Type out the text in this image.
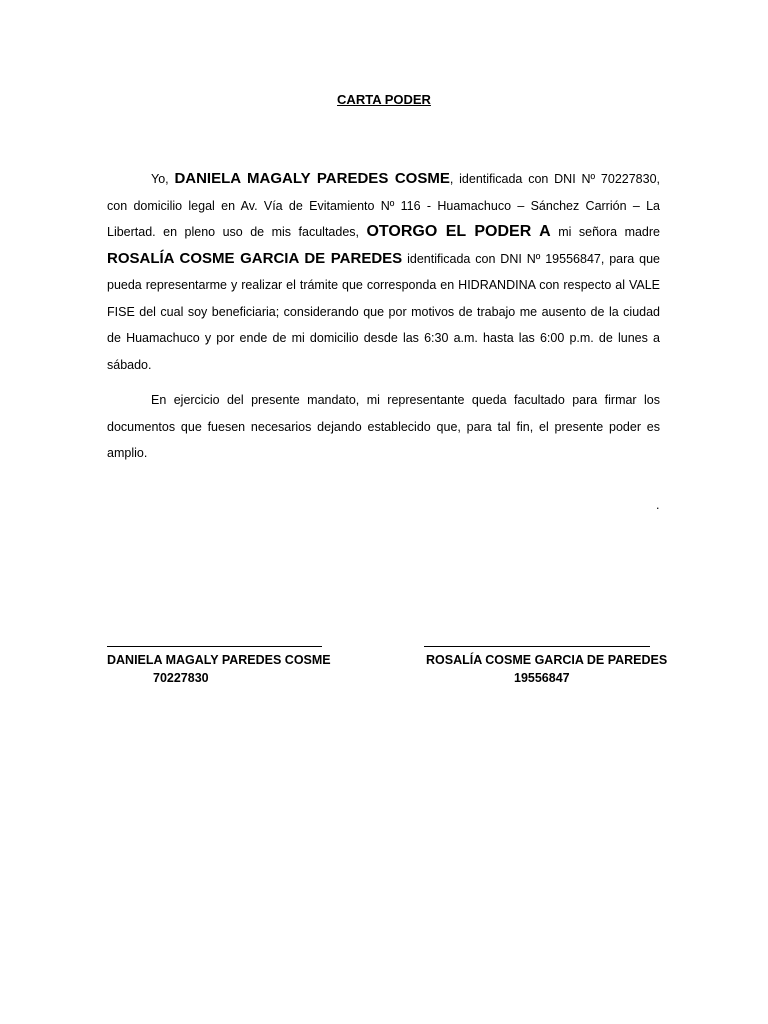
CARTA PODER

Yo, DANIELA MAGALY PAREDES COSME, identificada con DNI Nº 70227830, con domicilio legal en Av. Vía de Evitamiento Nº 116 - Huamachuco – Sánchez Carrión – La Libertad. en pleno uso de mis facultades, OTORGO EL PODER A mi señora madre ROSALÍA COSME GARCIA DE PAREDES identificada con DNI Nº 19556847, para que pueda representarme y realizar el trámite que corresponda en HIDRANDINA con respecto al VALE FISE del cual soy beneficiaria; considerando que por motivos de trabajo me ausento de la ciudad de Huamachuco y por ende de mi domicilio desde las 6:30 a.m. hasta las 6:00 p.m. de lunes a sábado.

En ejercicio del presente mandato, mi representante queda facultado para firmar los documentos que fuesen necesarios dejando establecido que, para tal fin, el presente poder es amplio.

.
DANIELA MAGALY PAREDES COSME
70227830
ROSALÍA COSME GARCIA DE PAREDES
19556847
